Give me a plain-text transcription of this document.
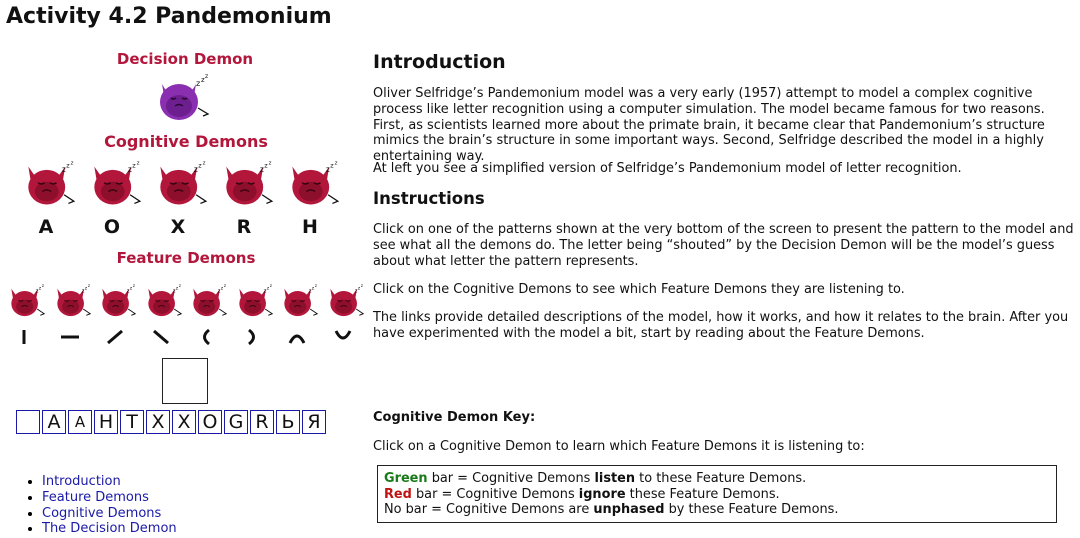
Activity 4.2 Pandemonium
Decision Demon
z z z
Cognitive Demons
z z z
A
z z z
O
z z z
X
z z z
R
z z z
H
Feature Demons
z z
z
z z
z
z z
z
z z
z
z z
z
z z
z
z z
z
z z
z
A A H T X X O G R Ь Я
• Introduction
• Feature Demons
• Cognitive Demons
• The Decision Demon
Introduction

Oliver Selfridge’s Pandemonium model was a very early (1957) attempt to model a complex cognitive process like letter recognition using a computer simulation. The model became famous for two reasons. First, as scientists learned more about the primate brain, it became clear that Pandemonium’s structure mimics the brain’s structure in some important ways. Second, Selfridge described the model in a highly entertaining way.

At left you see a simplified version of Selfridge’s Pandemonium model of letter recognition.

Instructions

Click on one of the patterns shown at the very bottom of the screen to present the pattern to the model and see what all the demons do. The letter being “shouted” by the Decision Demon will be the model’s guess about what letter the pattern represents.

Click on the Cognitive Demons to see which Feature Demons they are listening to.

The links provide detailed descriptions of the model, how it works, and how it relates to the brain. After you have experimented with the model a bit, start by reading about the Feature Demons.

Cognitive Demon Key:

Click on a Cognitive Demon to learn which Feature Demons it is listening to:

Green bar = Cognitive Demons listen to these Feature Demons.
Red bar = Cognitive Demons ignore these Feature Demons.
No bar = Cognitive Demons are unphased by these Feature Demons.
